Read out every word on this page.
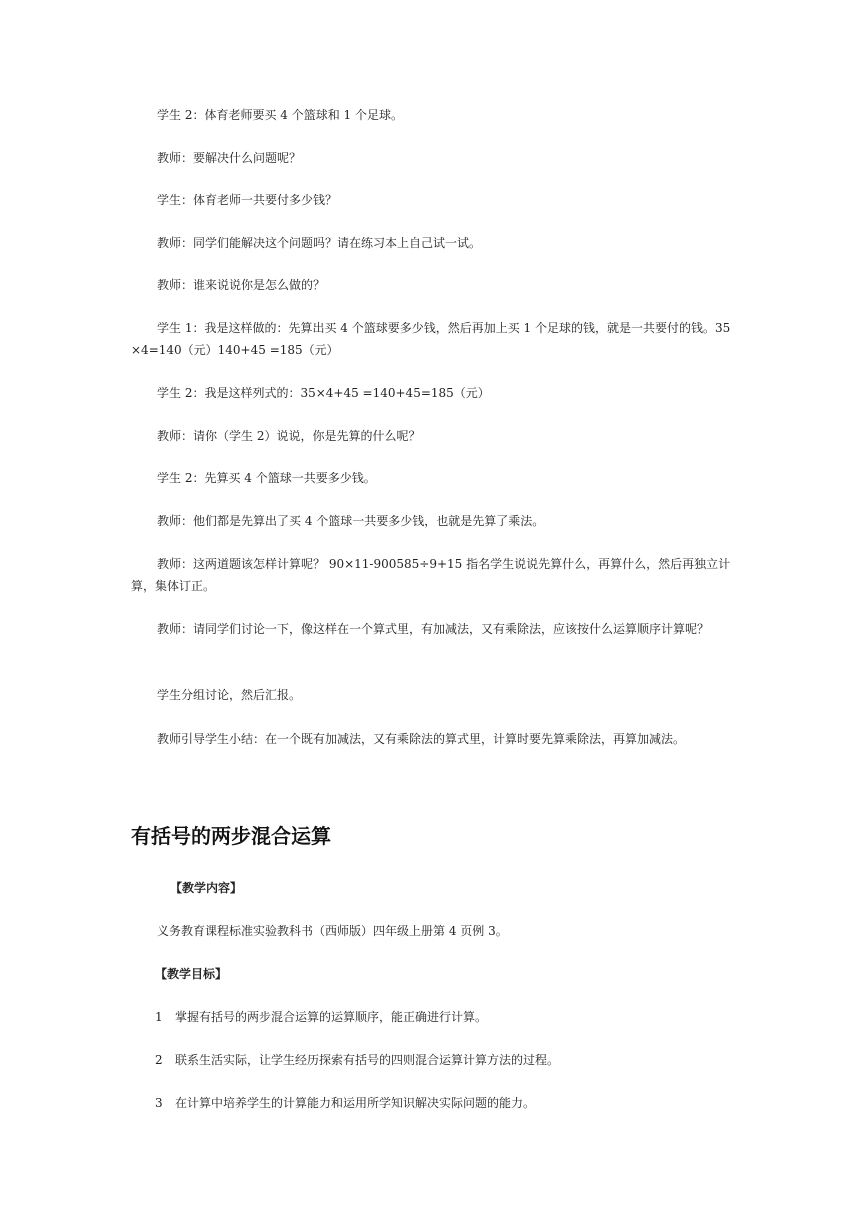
学生 2：体育老师要买 4 个篮球和 1 个足球。
教师：要解决什么问题呢？
学生：体育老师一共要付多少钱？
教师：同学们能解决这个问题吗？请在练习本上自己试一试。
教师：谁来说说你是怎么做的？
学生 1：我是这样做的：先算出买 4 个篮球要多少钱，然后再加上买 1 个足球的钱，就是一共要付的钱。35×4=140（元）140+45 =185（元）
学生 2：我是这样列式的：35×4+45 =140+45=185（元）
教师：请你（学生 2）说说，你是先算的什么呢？
学生 2：先算买 4 个篮球一共要多少钱。
教师：他们都是先算出了买 4 个篮球一共要多少钱，也就是先算了乘法。
教师：这两道题该怎样计算呢？ 90×11-900585÷9+15 指名学生说说先算什么，再算什么，然后再独立计算，集体订正。
教师：请同学们讨论一下，像这样在一个算式里，有加减法，又有乘除法，应该按什么运算顺序计算呢？
学生分组讨论，然后汇报。
教师引导学生小结：在一个既有加减法，又有乘除法的算式里，计算时要先算乘除法，再算加减法。
有括号的两步混合运算
【教学内容】
义务教育课程标准实验教科书（西师版）四年级上册第 4 页例 3。
【教学目标】
1 掌握有括号的两步混合运算的运算顺序，能正确进行计算。
2 联系生活实际，让学生经历探索有括号的四则混合运算计算方法的过程。
3 在计算中培养学生的计算能力和运用所学知识解决实际问题的能力。
